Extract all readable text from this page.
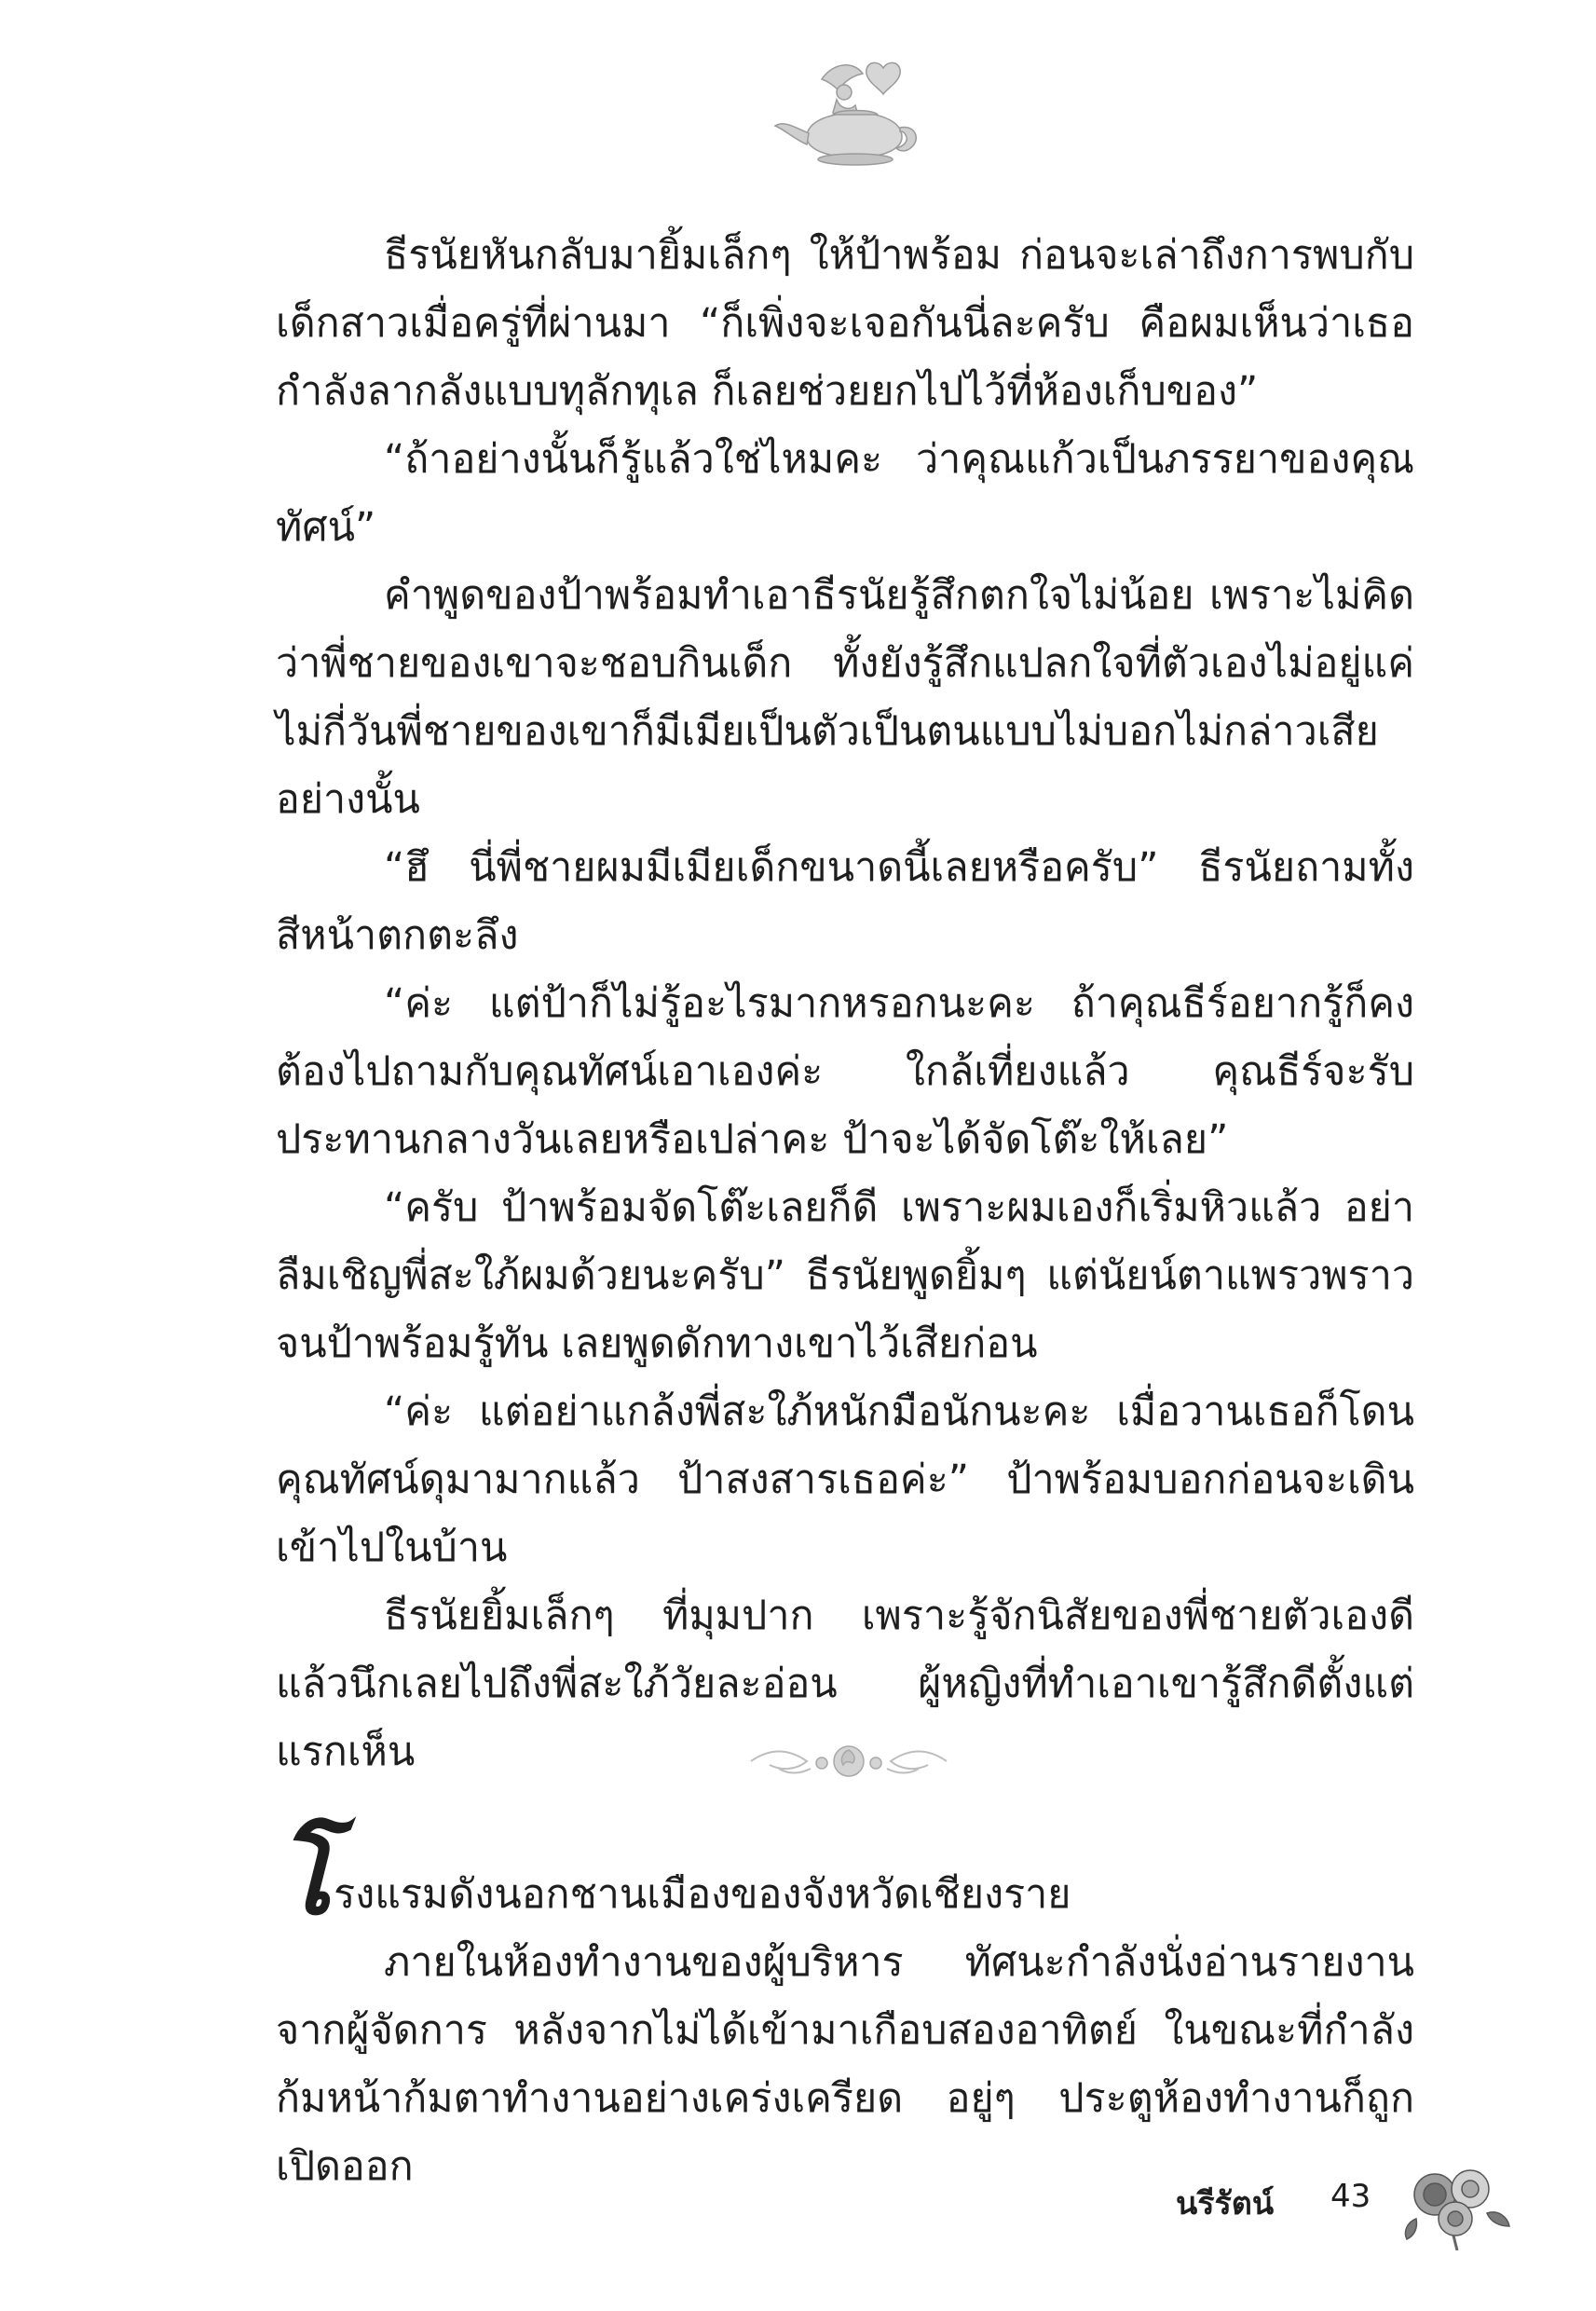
ธีรนัยหันกลับมายิ้มเล็กๆ ให้ป้าพร้อม ก่อนจะเล่าถึงการพบกับเด็กสาวเมื่อครู่ที่ผ่านมา “ก็เพิ่งจะเจอกันนี่ละครับ คือผมเห็นว่าเธอกำลังลากลังแบบทุลักทุเล ก็เลยช่วยยกไปไว้ที่ห้องเก็บของ”

“ถ้าอย่างนั้นก็รู้แล้วใช่ไหมคะ ว่าคุณแก้วเป็นภรรยาของคุณทัศน์”

คำพูดของป้าพร้อมทำเอาธีรนัยรู้สึกตกใจไม่น้อย เพราะไม่คิดว่าพี่ชายของเขาจะชอบกินเด็ก ทั้งยังรู้สึกแปลกใจที่ตัวเองไม่อยู่แค่ไม่กี่วันพี่ชายของเขาก็มีเมียเป็นตัวเป็นตนแบบไม่บอกไม่กล่าวเสียอย่างนั้น

“ฮึ นี่พี่ชายผมมีเมียเด็กขนาดนี้เลยหรือครับ” ธีรนัยถามทั้งสีหน้าตกตะลึง

“ค่ะ แต่ป้าก็ไม่รู้อะไรมากหรอกนะคะ ถ้าคุณธีร์อยากรู้ก็คงต้องไปถามกับคุณทัศน์เอาเองค่ะ ใกล้เที่ยงแล้ว คุณธีร์จะรับประทานกลางวันเลยหรือเปล่าคะ ป้าจะได้จัดโต๊ะให้เลย”

“ครับ ป้าพร้อมจัดโต๊ะเลยก็ดี เพราะผมเองก็เริ่มหิวแล้ว อย่าลืมเชิญพี่สะใภ้ผมด้วยนะครับ” ธีรนัยพูดยิ้มๆ แต่นัยน์ตาแพรวพราวจนป้าพร้อมรู้ทัน เลยพูดดักทางเขาไว้เสียก่อน

“ค่ะ แต่อย่าแกล้งพี่สะใภ้หนักมือนักนะคะ เมื่อวานเธอก็โดนคุณทัศน์ดุมามากแล้ว ป้าสงสารเธอค่ะ” ป้าพร้อมบอกก่อนจะเดินเข้าไปในบ้าน

ธีรนัยยิ้มเล็กๆ ที่มุมปาก เพราะรู้จักนิสัยของพี่ชายตัวเองดี แล้วนึกเลยไปถึงพี่สะใภ้วัยละอ่อน ผู้หญิงที่ทำเอาเขารู้สึกดีตั้งแต่แรกเห็น

โรงแรมดังนอกชานเมืองของจังหวัดเชียงราย

ภายในห้องทำงานของผู้บริหาร ทัศนะกำลังนั่งอ่านรายงานจากผู้จัดการ หลังจากไม่ได้เข้ามาเกือบสองอาทิตย์ ในขณะที่กำลังก้มหน้าก้มตาทำงานอย่างเคร่งเครียด อยู่ๆ ประตูห้องทำงานก็ถูกเปิดออก

นรีรัตน์ 43
